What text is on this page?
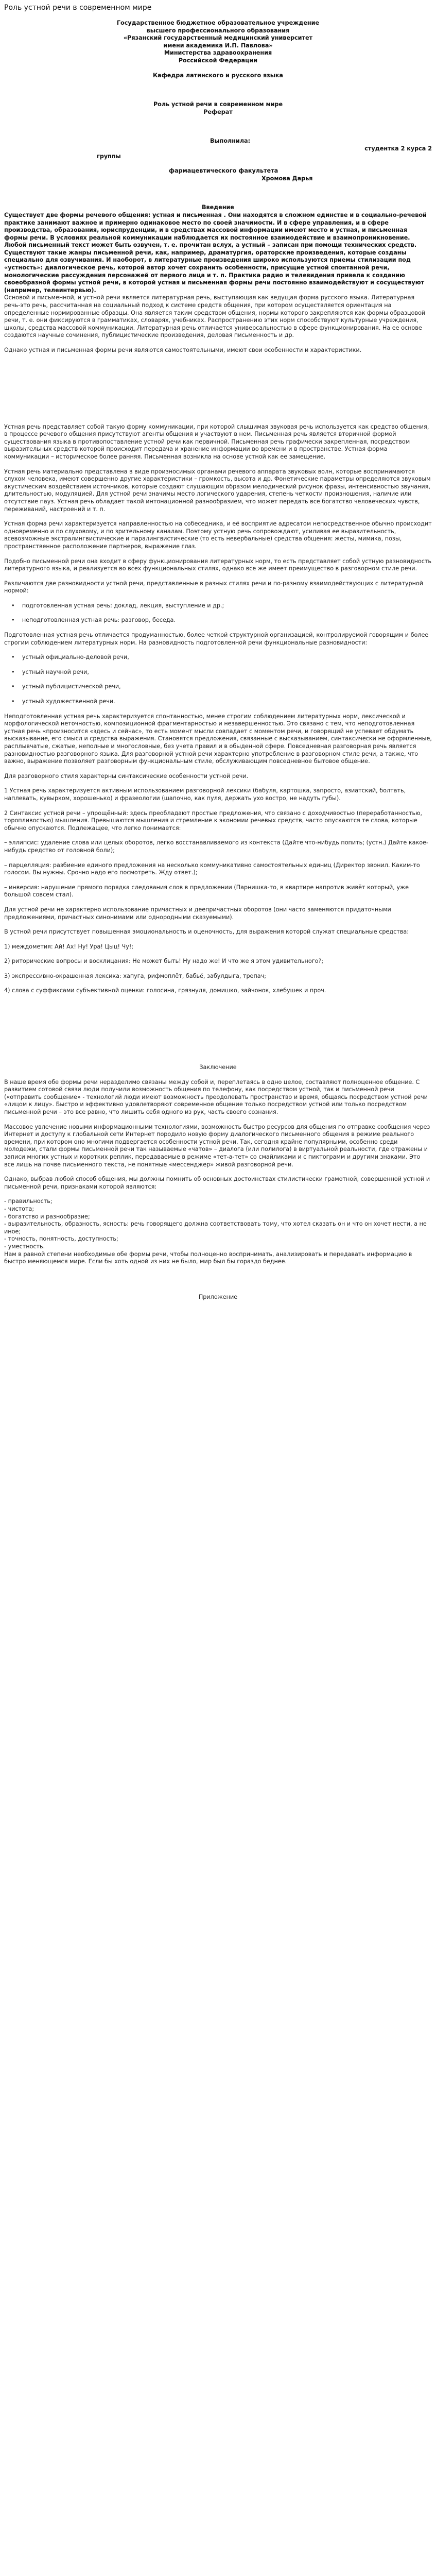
Роль устной речи в современном мире
Государственное бюджетное образовательное учреждение
высшего профессионального образования
«Рязанский государственный медицинский университет
имени академика И.П. Павлова»
Министерства здравоохранения
Российской Федерации
Кафедра латинского и русского языка
Роль устной речи в современном мире
Реферат
Выполнила:
студентка 2 курса 2
группы
фармацевтического факультета
Хромова Дарья
Введение
Существует две формы речевого общения: устная и письменная . Они находятся в сложном единстве и в социально-речевой практике занимают важное и примерно одинаковое место по своей значимости. И в сфере управления, и в сфере производства, образования, юриспруденции, и в средствах массовой информации имеют место и устная, и письменная формы речи. В условиях реальной коммуникации наблюдается их постоянное взаимодействие и взаимопроникновение. Любой письменный текст может быть озвучен, т. е. прочитан вслух, а устный – записан при помощи технических средств. Существуют такие жанры письменной речи, как, например, драматургия, ораторские произведения, которые созданы специально для озвучивания. И наоборот, в литературные произведения широко используются приемы стилизации под «устность»: диалогическое речь, которой автор хочет сохранить особенности, присущие устной спонтанной речи, монологические рассуждения персонажей от первого лица и т. п. Практика радио и телевидения привела к созданию своеобразной формы устной речи, в которой устная и письменная формы речи постоянно взаимодействуют и сосуществуют (например, телеинтервью).

Основой и письменной, и устной речи является литературная речь, выступающая как ведущая форма русского языка. Литературная речь-это речь, рассчитанная на социальный подход к системе средств общения, при котором осуществляется ориентация на определенные нормированные образцы. Она является таким средством общения, нормы которого закрепляются как формы образцовой речи, т. е. они фиксируются в грамматиках, словарях, учебниках. Распространению этих норм способствуют культурные учреждения, школы, средства массовой коммуникации. Литературная речь отличается универсальностью в сфере функционирования. На ее основе создаются научные сочинения, публицистические произведения, деловая письменность и др.

Однако устная и письменная формы речи являются самостоятельными, имеют свои особенности и характеристики.

Устная речь представляет собой такую форму коммуникации, при которой слышимая звуковая речь используется как средство общения, в процессе речевого общения присутствуют агенты общения и участвуют в нем. Письменная речь является вторичной формой существования языка в противопоставление устной речи как первичной. Письменная речь графически закрепленная, посредством выразительных средств которой происходит передача и хранение информации во времени и в пространстве. Устная форма коммуникации – историческое более ранняя. Письменная возникла на основе устной как ее замещение.

Устная речь материально представлена в виде произносимых органами речевого аппарата звуковых волн, которые воспринимаются слухом человека, имеют совершенно другие характеристики – громкость, высота и др. Фонетические параметры определяются звуковым акустическим воздействием источников, которые создают слушающим образом мелодический рисунок фразы, интенсивностью звучания, длительностью, модуляцией. Для устной речи значимы место логического ударения, степень четкости произношения, наличие или отсутствие пауз. Устная речь обладает такой интонационной разнообразием, что может передать все богатство человеческих чувств, переживаний, настроений и т. п.

Устная форма речи характеризуется направленностью на собеседника, и её восприятие адресатом непосредственное обычно происходит одновременно и по слуховому, и по зрительному каналам. Поэтому устную речь сопровождают, усиливая ее выразительность, всевозможные экстралингвистические и паралингвистические (то есть невербальные) средства общения: жесты, мимика, позы, пространственное расположение партнеров, выражение глаз.

Подобно письменной речи она входит в сферу функционирования литературных норм, то есть представляет собой устную разновидность литературного языка, и реализуется во всех функциональных стилях, однако все же имеет преимущество в разговорном стиле речи.

Различаются две разновидности устной речи, представленные в разных стилях речи и по-разному взаимодействующих с литературной нормой:

•    подготовленная устная речь: доклад, лекция, выступление и др.;
•    неподготовленная устная речь: разговор, беседа.

Подготовленная устная речь отличается продуманностью, более четкой структурной организацией, контролируемой говорящим и более строгим соблюдением литературных норм. На разновидность подготовленной речи функциональные разновидности:

•    устный официально-деловой речи,
•    устный научной речи,
•    устный публицистической речи,
•    устный художественной речи.

Неподготовленная устная речь характеризуется спонтанностью, менее строгим соблюдением литературных норм, лексической и морфологической неточностью, композиционной фрагментарностью и незавершенностью. Это связано с тем, что неподготовленная устная речь «произносится «здесь и сейчас», то есть момент мысли совпадает с моментом речи, и говорящий не успевает обдумать высказывание, его смысл и средства выражения. Становятся предложения, связанные с высказыванием, синтаксически не оформленные, расплывчатые, сжатые, неполные и многословные, без учета правил и в обыденной сфере. Повседневная разговорная речь является разновидностью разговорного языка. Для разговорной устной речи характерно употребление в разговорном стиле речи, а также, что важно, выражение позволяет разговорным функциональным стиле, обслуживающим повседневное бытовое общение.

Для разговорного стиля характерны синтаксические особенности устной речи.

1 Устная речь характеризуется активным использованием разговорной лексики (бабуля, картошка, запросто, азиатский, болтать, наплевать, кувырком, хорошенько) и фразеологии (шапочно, как пуля, держать ухо востро, не надуть губы).

2 Синтаксис устной речи – упрощённый: здесь преобладают простые предложения, что связано с доходчивостью (переработанностью, торопливостью) мышления. Превышаются мышления и стремление к экономии речевых средств, часто опускаются те слова, которые обычно опускаются. Подлежащее, что легко понимается:

– эллипсис: удаление слова или целых оборотов, легко восстанавливаемого из контекста (Дайте что-нибудь попить; (устн.) Дайте какое-нибудь средство от головной боли);

– парцелляция: разбиение единого предложения на несколько коммуникативно самостоятельных единиц (Директор звонил. Каким-то голосом. Вы нужны. Срочно надо его посмотреть. Жду ответ.);

– инверсия: нарушение прямого порядка следования слов в предложении (Парнишка-то, в квартире напротив живёт который, уже большой совсем стал).

Для устной речи не характерно использование причастных и деепричастных оборотов (они часто заменяются придаточными предложениями, причастных синонимами или однородными сказуемыми).

В устной речи присутствует повышенная эмоциональность и оценочность, для выражения которой служат специальные средства:

1) междометия: Ай! Ах! Ну! Ура! Цыц! Чу!;

2) риторические вопросы и восклицания: Не может быть! Ну надо же! И что же я этом удивительного?;

3) экспрессивно-окрашенная лексика: хапуга, рифмоплёт, бабьё, забулдыга, трепач;

4) слова с суффиксами субъективной оценки: голосина, грязнуля, домишко, зайчонок, хлебушек и проч.

Заключение

В наше время обе формы речи неразделимо связаны между собой и, переплетаясь в одно целое, составляют полноценное общение. С развитием сотовой связи люди получили возможность общения по телефону, как посредством устной, так и письменной речи («отправить сообщение» - технологий люди имеют возможность преодолевать пространство и время, общаясь посредством устной речи «лицом к лицу». Быстро и эффективно удовлетворяют современное общение только посредством устной или только посредством письменной речи – это все равно, что лишить себя одного из рук, часть своего сознания.

Массовое увлечение новыми информационными технологиями, возможность быстро ресурсов для общения по отправке сообщения через Интернет и доступу к глобальной сети Интернет породило новую форму диалогического письменного общения в режиме реального времени, при котором оно многими подвергается особенности устной речи. Так, сегодня крайне популярными, особенно среди молодежи, стали формы письменной речи так называемые «чатов» – диалога (или полилога) в виртуальной реальности, где отражены и записи многих устных и коротких реплик, передаваемые в режиме «тет-а-тет» со смайликами и с пиктограмм и другими знаками. Это все лишь на почве письменного текста, не понятные «мессенджер» живой разговорной речи.

Однако, выбрав любой способ общения, мы должны помнить об основных достоинствах стилистически грамотной, совершенной устной и письменной речи, признаками которой являются:

- правильность;
- чистота;
- богатство и разнообразие;
- выразительность, образность, ясность: речь говорящего должна соответствовать тому, что хотел сказать он и что он хочет нести, а не иное;
- точность, понятность, доступность;
- уместность.

Нам в равной степени необходимые обе формы речи, чтобы полноценно воспринимать, анализировать и передавать информацию в быстро меняющемся мире. Если бы хоть одной из них не было, мир был бы гораздо беднее.

Приложение
